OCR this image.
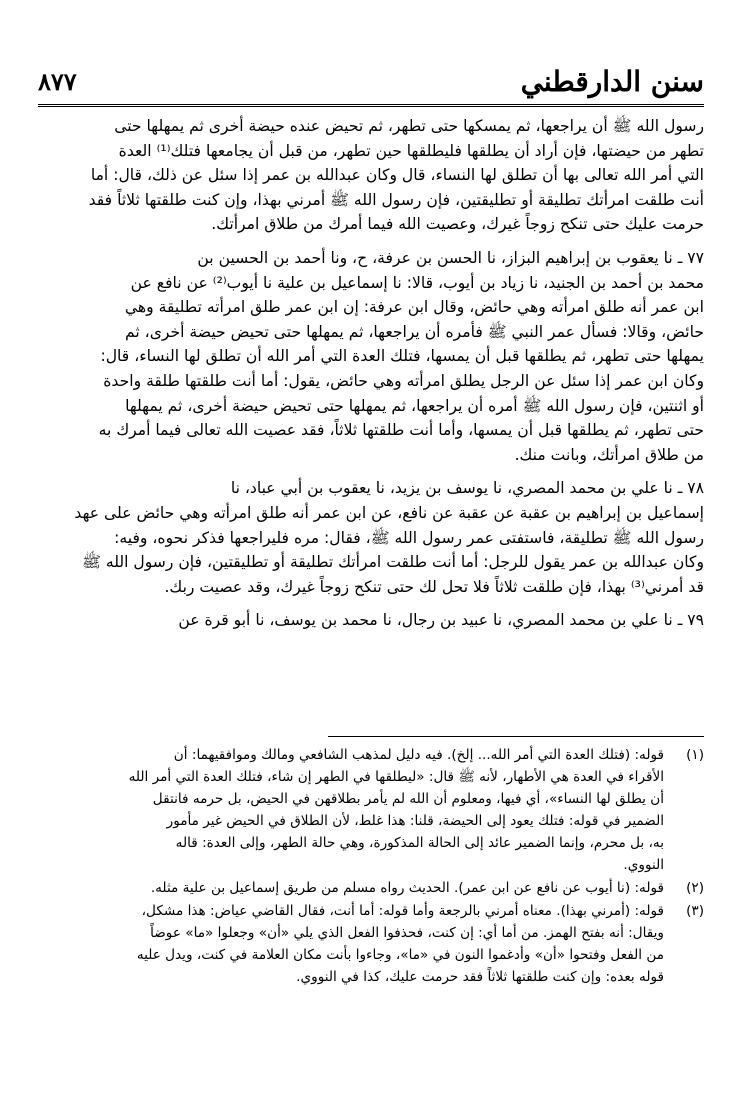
سنن الدارقطني
٨٧٧

رسول الله ﷺ أن يراجعها، ثم يمسكها حتى تطهر، ثم تحيض عنده حيضة أخرى ثم يمهلها حتى
تطهر من حيضتها، فإن أراد أن يطلقها فليطلقها حين تطهر، من قبل أن يجامعها فتلك⁽¹⁾ العدة
التي أمر الله تعالى بها أن تطلق لها النساء، قال وكان عبدالله بن عمر إذا سئل عن ذلك، قال: أما
أنت طلقت امرأتك تطليقة أو تطليقتين، فإن رسول الله ﷺ أمرني بهذا، وإن كنت طلقتها ثلاثاً فقد
حرمت عليك حتى تنكح زوجاً غيرك، وعصيت الله فيما أمرك من طلاق امرأتك.

٧٧ ـ نا يعقوب بن إبراهيم البزاز، نا الحسن بن عرفة، ح، ونا أحمد بن الحسين بن
محمد بن أحمد بن الجنيد، نا زياد بن أيوب، قالا: نا إسماعيل بن علية نا أيوب⁽²⁾ عن نافع عن
ابن عمر أنه طلق امرأته وهي حائض، وقال ابن عرفة: إن ابن عمر طلق امرأته تطليقة وهي
حائض، وقالا: فسأل عمر النبي ﷺ فأمره أن يراجعها، ثم يمهلها حتى تحيض حيضة أخرى، ثم
يمهلها حتى تطهر، ثم يطلقها قبل أن يمسها، فتلك العدة التي أمر الله أن تطلق لها النساء، قال:
وكان ابن عمر إذا سئل عن الرجل يطلق امرأته وهي حائض، يقول: أما أنت طلقتها طلقة واحدة
أو اثنتين، فإن رسول الله ﷺ أمره أن يراجعها، ثم يمهلها حتى تحيض حيضة أخرى، ثم يمهلها
حتى تطهر، ثم يطلقها قبل أن يمسها، وأما أنت طلقتها ثلاثاً، فقد عصيت الله تعالى فيما أمرك به
من طلاق امرأتك، وبانت منك.

٧٨ ـ نا علي بن محمد المصري، نا يوسف بن يزيد، نا يعقوب بن أبي عباد، نا
إسماعيل بن إبراهيم بن عقبة عن عقبة عن نافع، عن ابن عمر أنه طلق امرأته وهي حائض على عهد
رسول الله ﷺ تطليقة، فاستفتى عمر رسول الله ﷺ، فقال: مره فليراجعها فذكر نحوه، وفيه:
وكان عبدالله بن عمر يقول للرجل: أما أنت طلقت امرأتك تطليقة أو تطليقتين، فإن رسول الله ﷺ
قد أمرني⁽³⁾ بهذا، فإن طلقت ثلاثاً فلا تحل لك حتى تنكح زوجاً غيرك، وقد عصيت ربك.

٧٩ ـ نا علي بن محمد المصري، نا عبيد بن رجال، نا محمد بن يوسف، نا أبو قرة عن

(١)
قوله: (فتلك العدة التي أمر الله... إلخ). فيه دليل لمذهب الشافعي ومالك وموافقيهما: أن
الأقراء في العدة هي الأطهار، لأنه ﷺ قال: «ليطلقها في الطهر إن شاء، فتلك العدة التي أمر الله
أن يطلق لها النساء»، أي فيها، ومعلوم أن الله لم يأمر بطلاقهن في الحيض، بل حرمه فانتقل
الضمير في قوله: فتلك يعود إلى الحيضة، قلنا: هذا غلط، لأن الطلاق في الحيض غير مأمور
به، بل محرم، وإنما الضمير عائد إلى الحالة المذكورة، وهي حالة الطهر، وإلى العدة: قاله
النووي.
(٢)
قوله: (نا أيوب عن نافع عن ابن عمر). الحديث رواه مسلم من طريق إسماعيل بن علية مثله.
(٣)
قوله: (أمرني بهذا). معناه أمرني بالرجعة وأما قوله: أما أنت، فقال القاضي عياض: هذا مشكل،
ويقال: أنه بفتح الهمز. من أما أي: إن كنت، فحذفوا الفعل الذي يلي «أن» وجعلوا «ما» عوضاً
من الفعل وفتحوا «أن» وأدغموا النون في «ما»، وجاءوا بأنت مكان العلامة في كنت، ويدل عليه
قوله بعده: وإن كنت طلقتها ثلاثاً فقد حرمت عليك، كذا في النووي.
